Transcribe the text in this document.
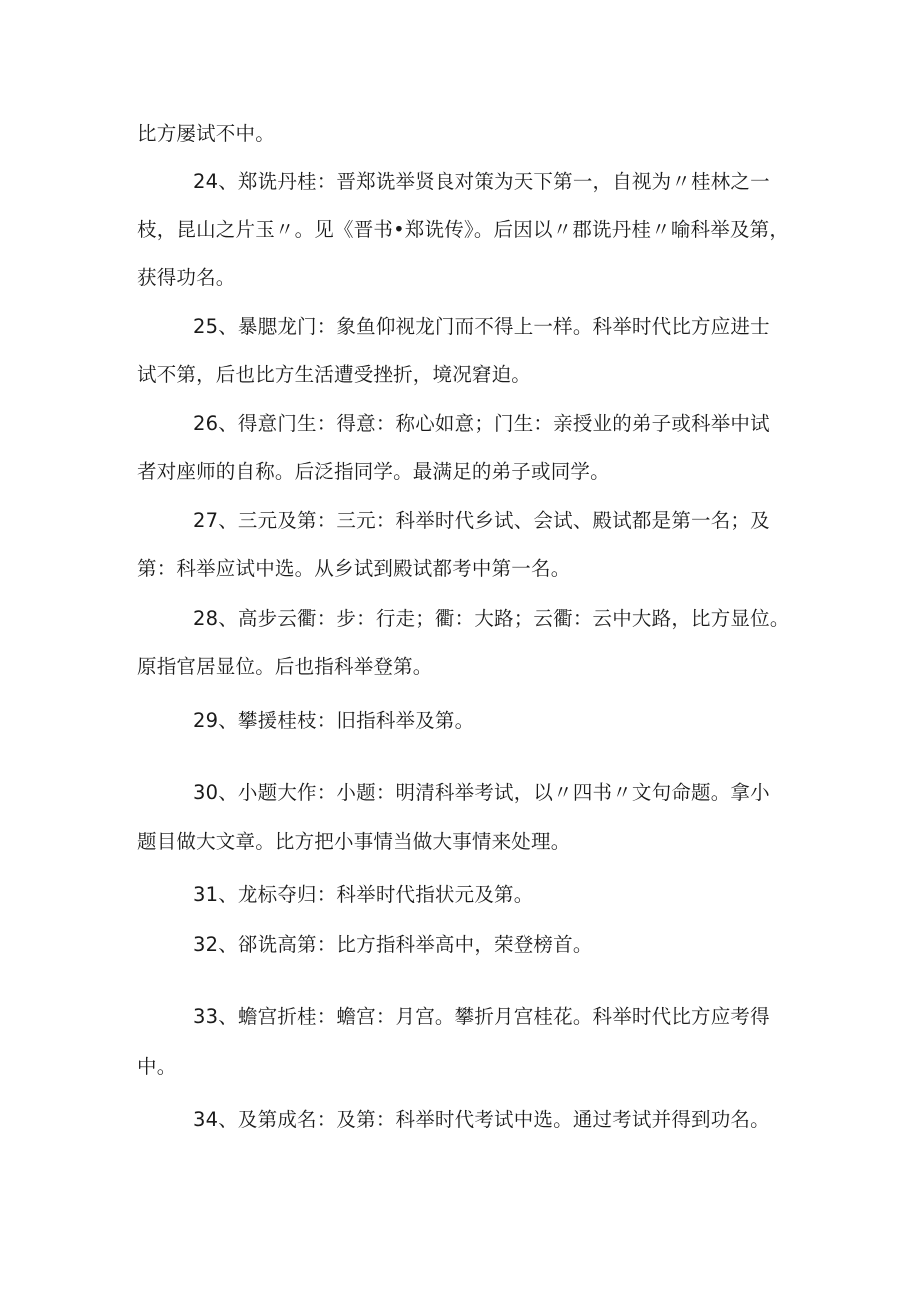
比方屡试不中。
24、郑诜丹桂：晋郑诜举贤良对策为天下第一，自视为〃桂林之一
枝，昆山之片玉〃。见《晋书•郑诜传》。后因以〃郡诜丹桂〃喻科举及第，
获得功名。
25、暴腮龙门：象鱼仰视龙门而不得上一样。科举时代比方应进士
试不第，后也比方生活遭受挫折，境况窘迫。
26、得意门生：得意：称心如意；门生：亲授业的弟子或科举中试
者对座师的自称。后泛指同学。最满足的弟子或同学。
27、三元及第：三元：科举时代乡试、会试、殿试都是第一名；及
第：科举应试中选。从乡试到殿试都考中第一名。
28、高步云衢：步：行走；衢：大路；云衢：云中大路，比方显位。
原指官居显位。后也指科举登第。
29、攀援桂枝：旧指科举及第。
30、小题大作：小题：明清科举考试，以〃四书〃文句命题。拿小
题目做大文章。比方把小事情当做大事情来处理。
31、龙标夺归：科举时代指状元及第。
32、郤诜高第：比方指科举高中，荣登榜首。
33、蟾宫折桂：蟾宫：月宫。攀折月宫桂花。科举时代比方应考得
中。
34、及第成名：及第：科举时代考试中选。通过考试并得到功名。
